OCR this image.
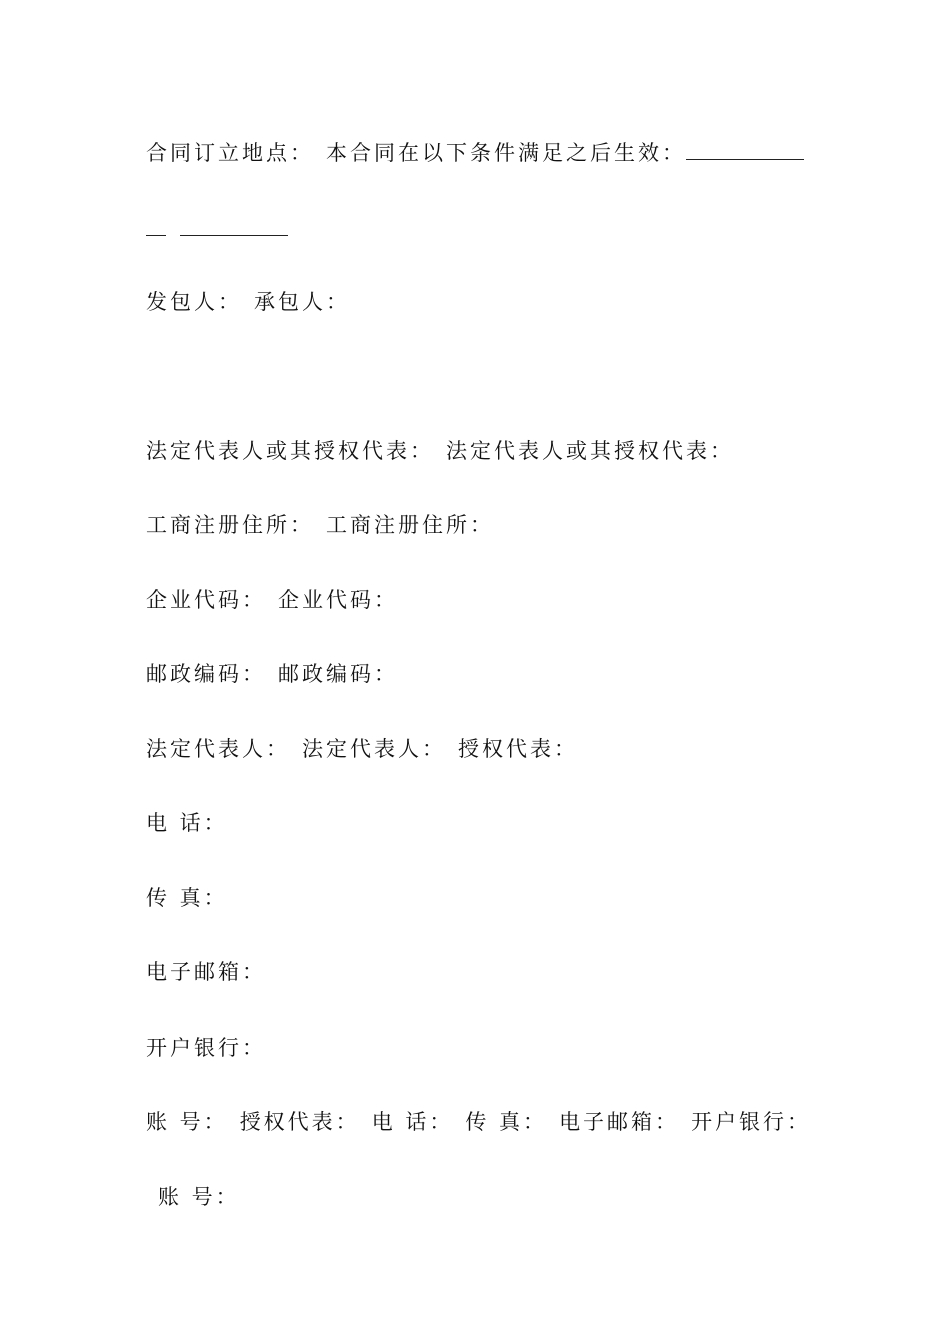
合同订立地点： 本合同在以下条件满足之后生效：
发包人： 承包人：
法定代表人或其授权代表： 法定代表人或其授权代表：
工商注册住所： 工商注册住所：
企业代码： 企业代码：
邮政编码： 邮政编码：
法定代表人： 法定代表人： 授权代表：
电 话：
传 真：
电子邮箱：
开户银行：
账 号： 授权代表： 电 话： 传 真： 电子邮箱： 开户银行：
账 号：
